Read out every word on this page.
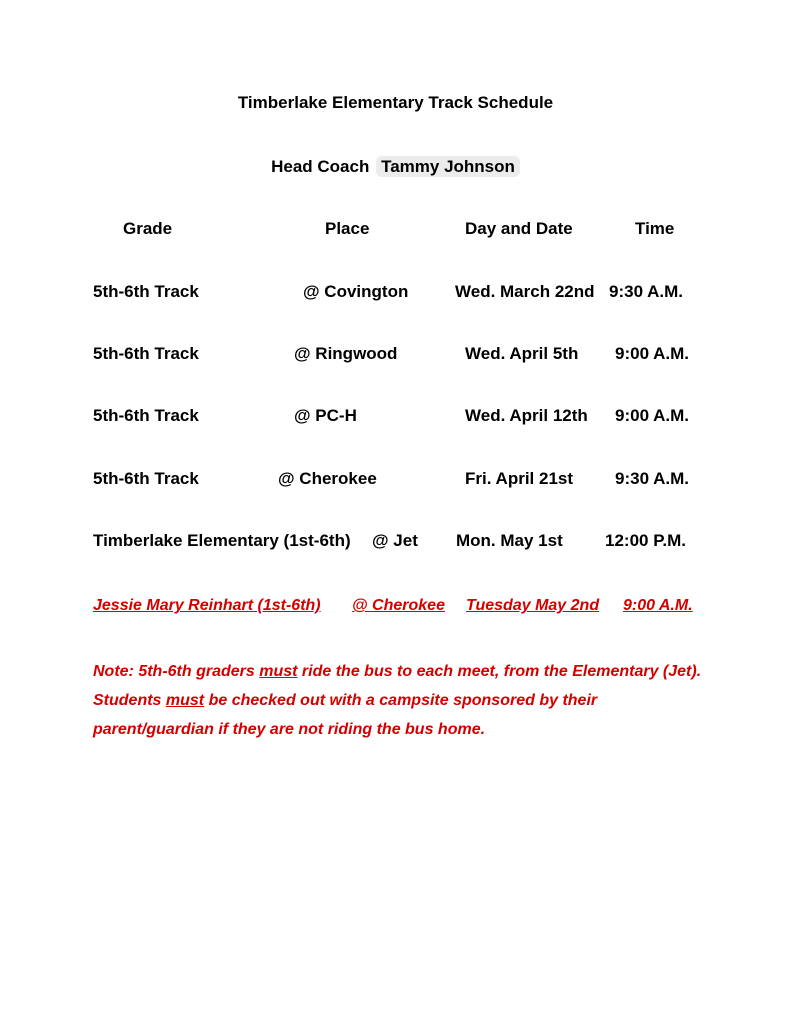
Timberlake Elementary Track Schedule
Head Coach Tammy Johnson
Grade	Place	Day and Date	Time
5th-6th Track	@ Covington	Wed. March 22nd 9:30 A.M.
5th-6th Track	@ Ringwood	Wed. April 5th 9:00 A.M.
5th-6th Track	@ PC-H	Wed. April 12th 9:00 A.M.
5th-6th Track	@ Cherokee	Fri. April 21st 9:30 A.M.
Timberlake Elementary (1st-6th) @ Jet Mon. May 1st 12:00 P.M.
Jessie Mary Reinhart (1st-6th) @ Cherokee Tuesday May 2nd 9:00 A.M.
Note: 5th-6th graders must ride the bus to each meet, from the Elementary (Jet). Students must be checked out with a campsite sponsored by their parent/guardian if they are not riding the bus home.
